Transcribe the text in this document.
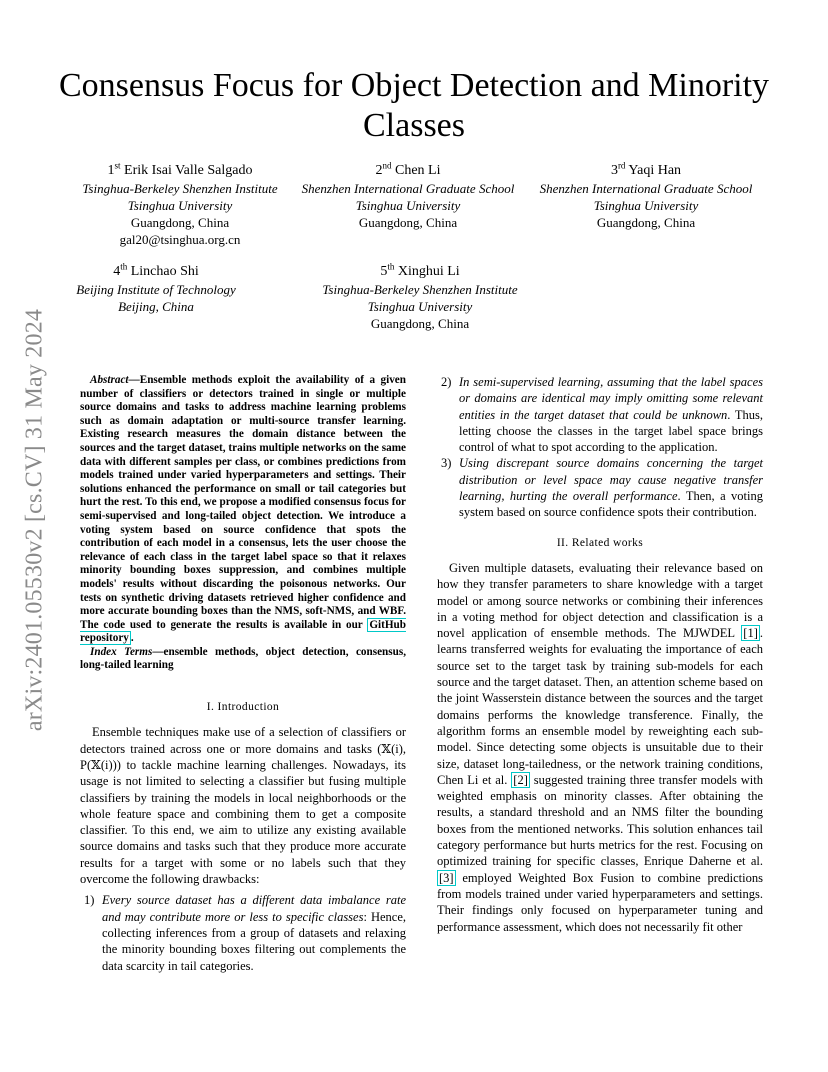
arXiv:2401.05530v2 [cs.CV] 31 May 2024
Consensus Focus for Object Detection and Minority Classes
1st Erik Isai Valle Salgado
Tsinghua-Berkeley Shenzhen Institute
Tsinghua University
Guangdong, China
gal20@tsinghua.org.cn
2nd Chen Li
Shenzhen International Graduate School
Tsinghua University
Guangdong, China
3rd Yaqi Han
Shenzhen International Graduate School
Tsinghua University
Guangdong, China
4th Linchao Shi
Beijing Institute of Technology
Beijing, China
5th Xinghui Li
Tsinghua-Berkeley Shenzhen Institute
Tsinghua University
Guangdong, China

Abstract—Ensemble methods exploit the availability of a given number of classifiers or detectors trained in single or multiple source domains and tasks to address machine learning problems such as domain adaptation or multi-source transfer learning. Existing research measures the domain distance between the sources and the target dataset, trains multiple networks on the same data with different samples per class, or combines predictions from models trained under varied hyperparameters and settings. Their solutions enhanced the performance on small or tail categories but hurt the rest. To this end, we propose a modified consensus focus for semi-supervised and long-tailed object detection. We introduce a voting system based on source confidence that spots the contribution of each model in a consensus, lets the user choose the relevance of each class in the target label space so that it relaxes minority bounding boxes suppression, and combines multiple models' results without discarding the poisonous networks. Our tests on synthetic driving datasets retrieved higher confidence and more accurate bounding boxes than the NMS, soft-NMS, and WBF. The code used to generate the results is available in our GitHub repository .

Index Terms—ensemble methods, object detection, consensus, long-tailed learning

I. Introduction

Ensemble techniques make use of a selection of classifiers or detectors trained across one or more domains and tasks (𝕏(i), P(𝕏(i))) to tackle machine learning challenges. Nowadays, its usage is not limited to selecting a classifier but fusing multiple classifiers by training the models in local neighborhoods or the whole feature space and combining them to get a composite classifier. To this end, we aim to utilize any existing available source domains and tasks such that they produce more accurate results for a target with some or no labels such that they overcome the following drawbacks:

1) Every source dataset has a different data imbalance rate and may contribute more or less to specific classes: Hence, collecting inferences from a group of datasets and relaxing the minority bounding boxes filtering out complements the data scarcity in tail categories.
2) In semi-supervised learning, assuming that the label spaces or domains are identical may imply omitting some relevant entities in the target dataset that could be unknown. Thus, letting choose the classes in the target label space brings control of what to spot according to the application.
3) Using discrepant source domains concerning the target distribution or level space may cause negative transfer learning, hurting the overall performance. Then, a voting system based on source confidence spots their contribution.
II. Related works

Given multiple datasets, evaluating their relevance based on how they transfer parameters to share knowledge with a target model or among source networks or combining their inferences in a voting method for object detection and classification is a novel application of ensemble methods. The MJWDEL [1] . learns transferred weights for evaluating the importance of each source set to the target task by training sub-models for each source and the target dataset. Then, an attention scheme based on the joint Wasserstein distance between the sources and the target domains performs the knowledge transference. Finally, the algorithm forms an ensemble model by reweighting each sub-model. Since detecting some objects is unsuitable due to their size, dataset long-tailedness, or the network training conditions, Chen Li et al. [2] suggested training three transfer models with weighted emphasis on minority classes. After obtaining the results, a standard threshold and an NMS filter the bounding boxes from the mentioned networks. This solution enhances tail category performance but hurts metrics for the rest. Focusing on optimized training for specific classes, Enrique Daherne et al. [3] employed Weighted Box Fusion to combine predictions from models trained under varied hyperparameters and settings. Their findings only focused on hyperparameter tuning and performance assessment, which does not necessarily fit other
